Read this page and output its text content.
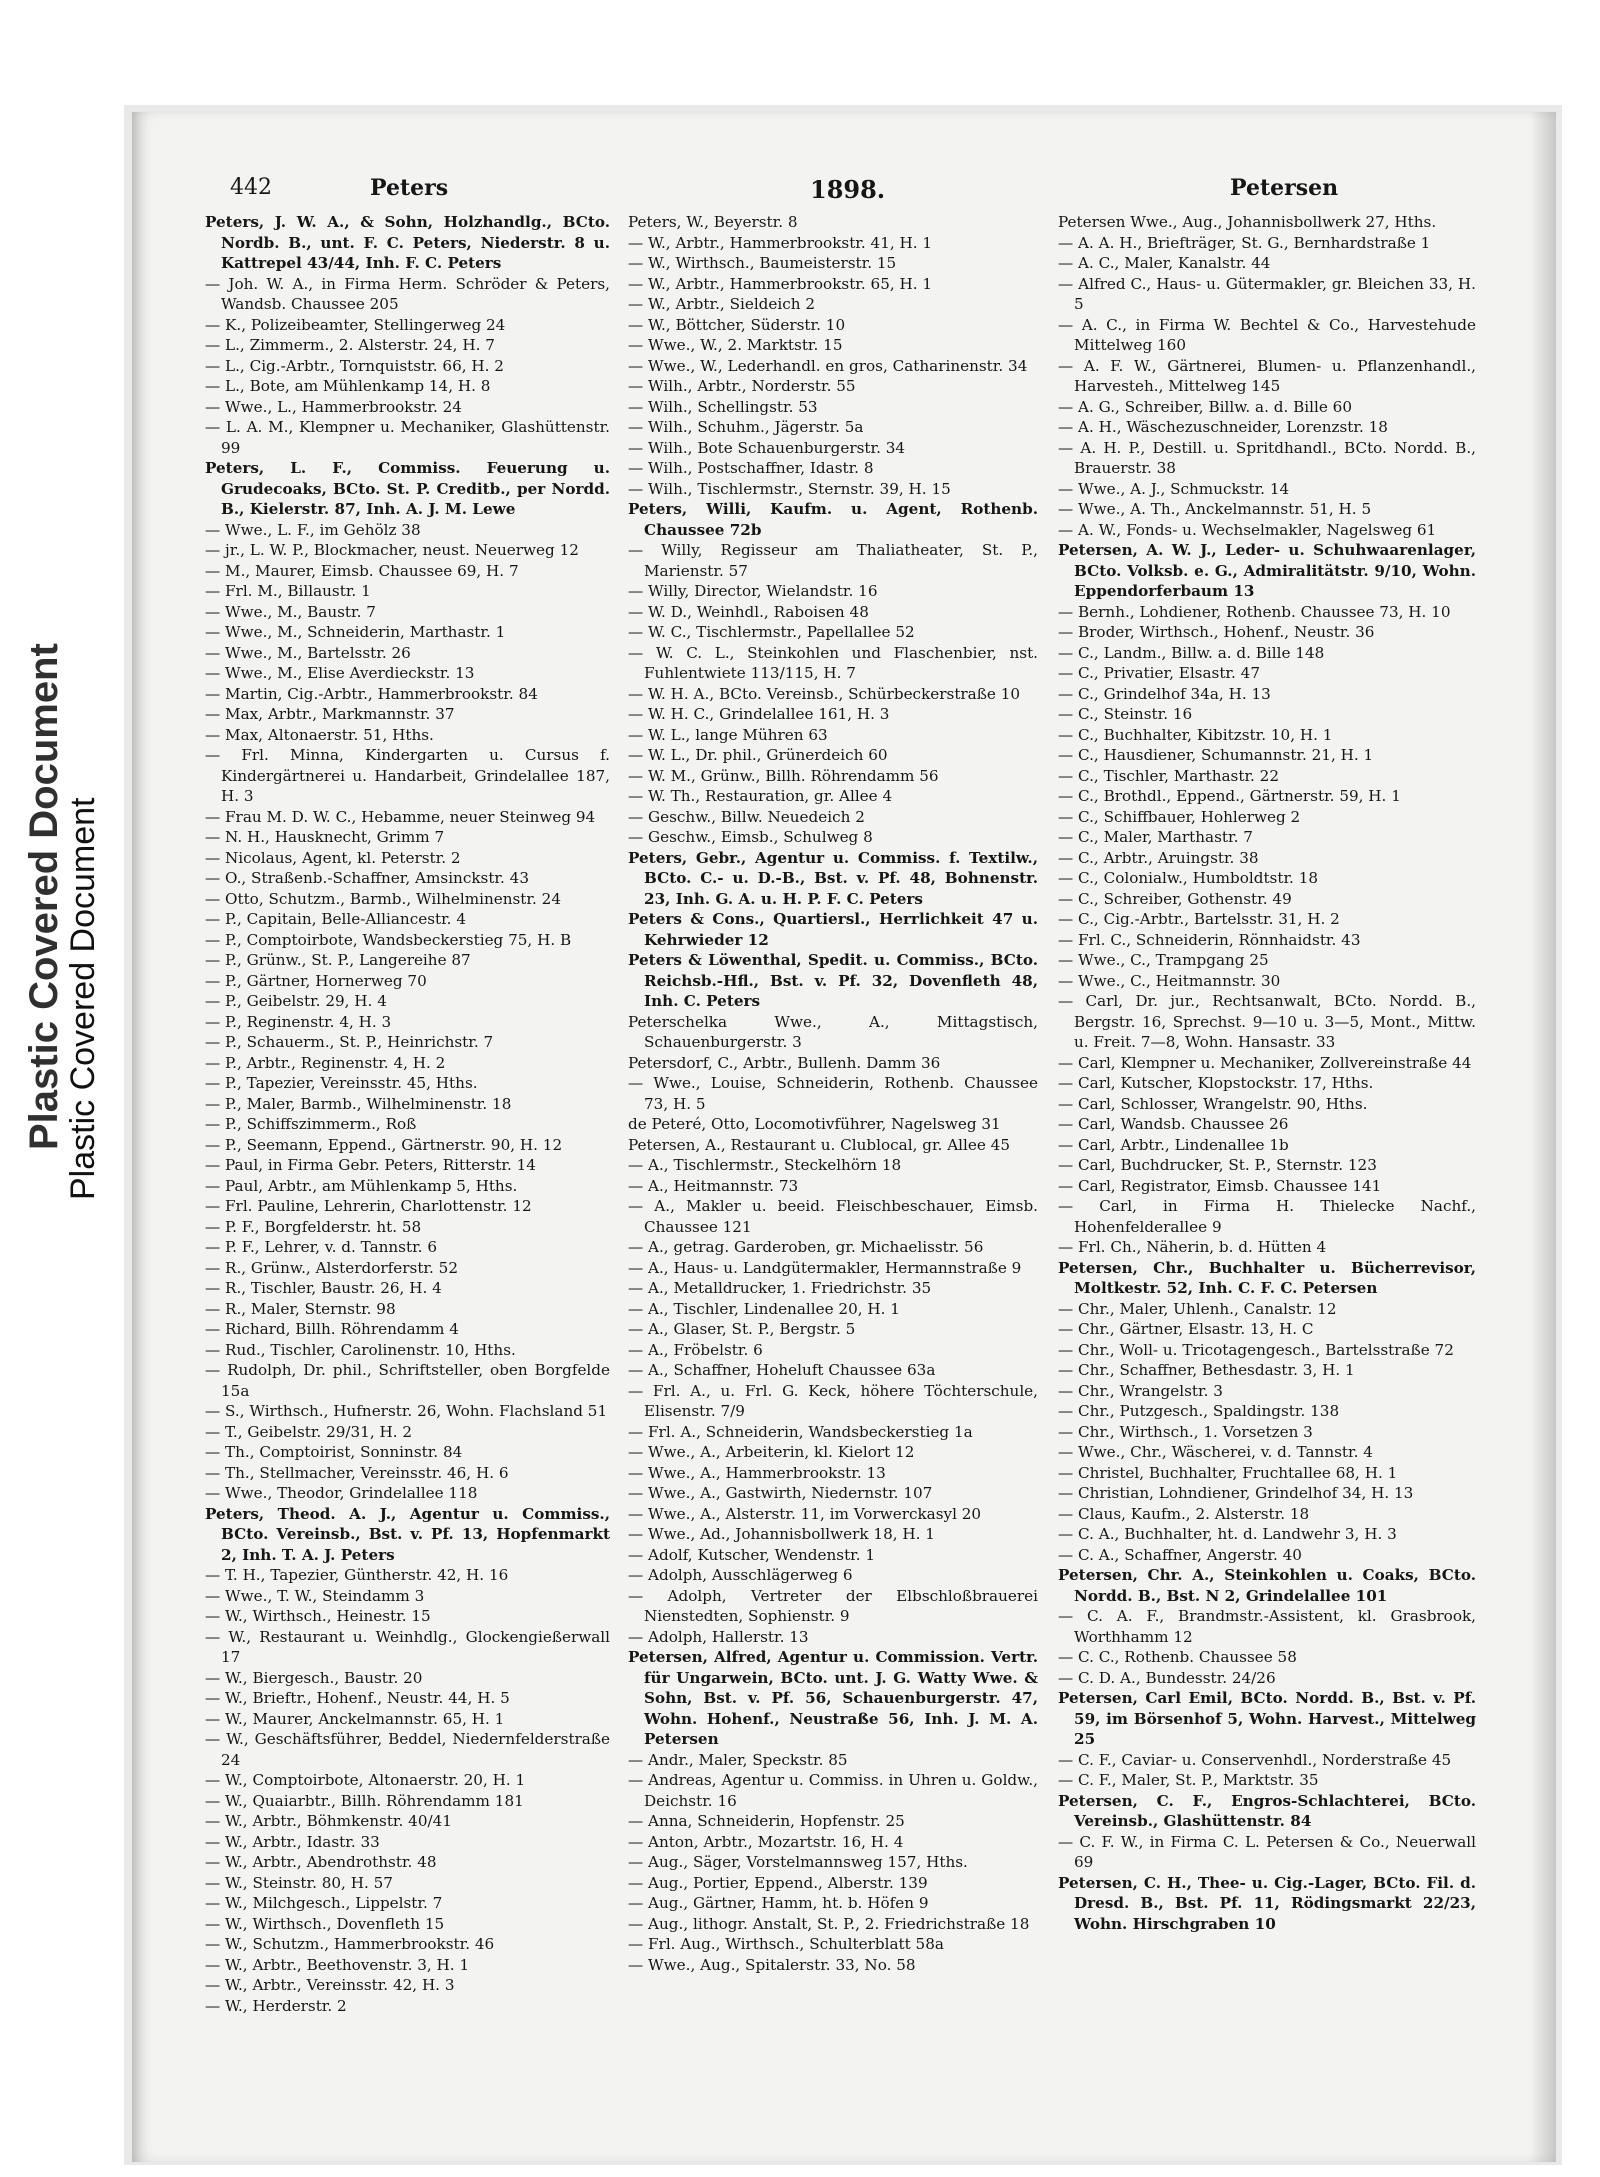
Plastic Covered Document
Plastic Covered Document
442	Peters	1898.	Petersen

Peters, J. W. A., & Sohn, Holzhandlg., BCto. Nordb. B., unt. F. C. Peters, Niederstr. 8 u. Kattrepel 43/44, Inh. F. C. Peters

— Joh. W. A., in Firma Herm. Schröder & Peters, Wandsb. Chaussee 205

— K., Polizeibeamter, Stellingerweg 24

— L., Zimmerm., 2. Alsterstr. 24, H. 7

— L., Cig.-Arbtr., Tornquiststr. 66, H. 2

— L., Bote, am Mühlenkamp 14, H. 8

— Wwe., L., Hammerbrookstr. 24

— L. A. M., Klempner u. Mechaniker, Glashüttenstr. 99

Peters, L. F., Commiss. Feuerung u. Grudecoaks, BCto. St. P. Creditb., per Nordd. B., Kielerstr. 87, Inh. A. J. M. Lewe

— Wwe., L. F., im Gehölz 38

— jr., L. W. P., Blockmacher, neust. Neuerweg 12

— M., Maurer, Eimsb. Chaussee 69, H. 7

— Frl. M., Billaustr. 1

— Wwe., M., Baustr. 7

— Wwe., M., Schneiderin, Marthastr. 1

— Wwe., M., Bartelsstr. 26

— Wwe., M., Elise Averdieckstr. 13

— Martin, Cig.-Arbtr., Hammerbrookstr. 84

— Max, Arbtr., Markmannstr. 37

— Max, Altonaerstr. 51, Hths.

— Frl. Minna, Kindergarten u. Cursus f. Kindergärtnerei u. Handarbeit, Grindelallee 187, H. 3

— Frau M. D. W. C., Hebamme, neuer Steinweg 94

— N. H., Hausknecht, Grimm 7

— Nicolaus, Agent, kl. Peterstr. 2

— O., Straßenb.-Schaffner, Amsinckstr. 43

— Otto, Schutzm., Barmb., Wilhelminenstr. 24

— P., Capitain, Belle-Alliancestr. 4

— P., Comptoirbote, Wandsbeckerstieg 75, H. B

— P., Grünw., St. P., Langereihe 87

— P., Gärtner, Hornerweg 70

— P., Geibelstr. 29, H. 4

— P., Reginenstr. 4, H. 3

— P., Schauerm., St. P., Heinrichstr. 7

— P., Arbtr., Reginenstr. 4, H. 2

— P., Tapezier, Vereinsstr. 45, Hths.

— P., Maler, Barmb., Wilhelminenstr. 18

— P., Schiffszimmerm., Roß

— P., Seemann, Eppend., Gärtnerstr. 90, H. 12

— Paul, in Firma Gebr. Peters, Ritterstr. 14

— Paul, Arbtr., am Mühlenkamp 5, Hths.

— Frl. Pauline, Lehrerin, Charlottenstr. 12

— P. F., Borgfelderstr. ht. 58

— P. F., Lehrer, v. d. Tannstr. 6

— R., Grünw., Alsterdorferstr. 52

— R., Tischler, Baustr. 26, H. 4

— R., Maler, Sternstr. 98

— Richard, Billh. Röhrendamm 4

— Rud., Tischler, Carolinenstr. 10, Hths.

— Rudolph, Dr. phil., Schriftsteller, oben Borgfelde 15a

— S., Wirthsch., Hufnerstr. 26, Wohn. Flachsland 51

— T., Geibelstr. 29/31, H. 2

— Th., Comptoirist, Sonninstr. 84

— Th., Stellmacher, Vereinsstr. 46, H. 6

— Wwe., Theodor, Grindelallee 118

Peters, Theod. A. J., Agentur u. Commiss., BCto. Vereinsb., Bst. v. Pf. 13, Hopfenmarkt 2, Inh. T. A. J. Peters

— T. H., Tapezier, Güntherstr. 42, H. 16

— Wwe., T. W., Steindamm 3

— W., Wirthsch., Heinestr. 15

— W., Restaurant u. Weinhdlg., Glockengießerwall 17

— W., Biergesch., Baustr. 20

— W., Brieftr., Hohenf., Neustr. 44, H. 5

— W., Maurer, Anckelmannstr. 65, H. 1

— W., Geschäftsführer, Beddel, Niedernfelderstraße 24

— W., Comptoirbote, Altonaerstr. 20, H. 1

— W., Quaiarbtr., Billh. Röhrendamm 181

— W., Arbtr., Böhmkenstr. 40/41

— W., Arbtr., Idastr. 33

— W., Arbtr., Abendrothstr. 48

— W., Steinstr. 80, H. 57

— W., Milchgesch., Lippelstr. 7

— W., Wirthsch., Dovenfleth 15

— W., Schutzm., Hammerbrookstr. 46

— W., Arbtr., Beethovenstr. 3, H. 1

— W., Arbtr., Vereinsstr. 42, H. 3

— W., Herderstr. 2

Peters, W., Beyerstr. 8

— W., Arbtr., Hammerbrookstr. 41, H. 1

— W., Wirthsch., Baumeisterstr. 15

— W., Arbtr., Hammerbrookstr. 65, H. 1

— W., Arbtr., Sieldeich 2

— W., Böttcher, Süderstr. 10

— Wwe., W., 2. Marktstr. 15

— Wwe., W., Lederhandl. en gros, Catharinenstr. 34

— Wilh., Arbtr., Norderstr. 55

— Wilh., Schellingstr. 53

— Wilh., Schuhm., Jägerstr. 5a

— Wilh., Bote Schauenburgerstr. 34

— Wilh., Postschaffner, Idastr. 8

— Wilh., Tischlermstr., Sternstr. 39, H. 15

Peters, Willi, Kaufm. u. Agent, Rothenb. Chaussee 72b

— Willy, Regisseur am Thaliatheater, St. P., Marienstr. 57

— Willy, Director, Wielandstr. 16

— W. D., Weinhdl., Raboisen 48

— W. C., Tischlermstr., Papellallee 52

— W. C. L., Steinkohlen und Flaschenbier, nst. Fuhlentwiete 113/115, H. 7

— W. H. A., BCto. Vereinsb., Schürbeckerstraße 10

— W. H. C., Grindelallee 161, H. 3

— W. L., lange Mühren 63

— W. L., Dr. phil., Grünerdeich 60

— W. M., Grünw., Billh. Röhrendamm 56

— W. Th., Restauration, gr. Allee 4

— Geschw., Billw. Neuedeich 2

— Geschw., Eimsb., Schulweg 8

Peters, Gebr., Agentur u. Commiss. f. Textilw., BCto. C.- u. D.-B., Bst. v. Pf. 48, Bohnenstr. 23, Inh. G. A. u. H. P. F. C. Peters

Peters & Cons., Quartiersl., Herrlichkeit 47 u. Kehrwieder 12

Peters & Löwenthal, Spedit. u. Commiss., BCto. Reichsb.-Hfl., Bst. v. Pf. 32, Dovenfleth 48, Inh. C. Peters

Peterschelka Wwe., A., Mittagstisch, Schauenburgerstr. 3

Petersdorf, C., Arbtr., Bullenh. Damm 36

— Wwe., Louise, Schneiderin, Rothenb. Chaussee 73, H. 5

de Peteré, Otto, Locomotivführer, Nagelsweg 31

Petersen, A., Restaurant u. Clublocal, gr. Allee 45

— A., Tischlermstr., Steckelhörn 18

— A., Heitmannstr. 73

— A., Makler u. beeid. Fleischbeschauer, Eimsb. Chaussee 121

— A., getrag. Garderoben, gr. Michaelisstr. 56

— A., Haus- u. Landgütermakler, Hermannstraße 9

— A., Metalldrucker, 1. Friedrichstr. 35

— A., Tischler, Lindenallee 20, H. 1

— A., Glaser, St. P., Bergstr. 5

— A., Fröbelstr. 6

— A., Schaffner, Hoheluft Chaussee 63a

— Frl. A., u. Frl. G. Keck, höhere Töchterschule, Elisenstr. 7/9

— Frl. A., Schneiderin, Wandsbeckerstieg 1a

— Wwe., A., Arbeiterin, kl. Kielort 12

— Wwe., A., Hammerbrookstr. 13

— Wwe., A., Gastwirth, Niedernstr. 107

— Wwe., A., Alsterstr. 11, im Vorwerckasyl 20

— Wwe., Ad., Johannisbollwerk 18, H. 1

— Adolf, Kutscher, Wendenstr. 1

— Adolph, Ausschlägerweg 6

— Adolph, Vertreter der Elbschloßbrauerei Nienstedten, Sophienstr. 9

— Adolph, Hallerstr. 13

Petersen, Alfred, Agentur u. Commission. Vertr. für Ungarwein, BCto. unt. J. G. Watty Wwe. & Sohn, Bst. v. Pf. 56, Schauenburgerstr. 47, Wohn. Hohenf., Neustraße 56, Inh. J. M. A. Petersen

— Andr., Maler, Speckstr. 85

— Andreas, Agentur u. Commiss. in Uhren u. Goldw., Deichstr. 16

— Anna, Schneiderin, Hopfenstr. 25

— Anton, Arbtr., Mozartstr. 16, H. 4

— Aug., Säger, Vorstelmannsweg 157, Hths.

— Aug., Portier, Eppend., Alberstr. 139

— Aug., Gärtner, Hamm, ht. b. Höfen 9

— Aug., lithogr. Anstalt, St. P., 2. Friedrichstraße 18

— Frl. Aug., Wirthsch., Schulterblatt 58a

— Wwe., Aug., Spitalerstr. 33, No. 58

Petersen Wwe., Aug., Johannisbollwerk 27, Hths.

— A. A. H., Briefträger, St. G., Bernhardstraße 1

— A. C., Maler, Kanalstr. 44

— Alfred C., Haus- u. Gütermakler, gr. Bleichen 33, H. 5

— A. C., in Firma W. Bechtel & Co., Harvestehude Mittelweg 160

— A. F. W., Gärtnerei, Blumen- u. Pflanzenhandl., Harvesteh., Mittelweg 145

— A. G., Schreiber, Billw. a. d. Bille 60

— A. H., Wäschezuschneider, Lorenzstr. 18

— A. H. P., Destill. u. Spritdhandl., BCto. Nordd. B., Brauerstr. 38

— Wwe., A. J., Schmuckstr. 14

— Wwe., A. Th., Anckelmannstr. 51, H. 5

— A. W., Fonds- u. Wechselmakler, Nagelsweg 61

Petersen, A. W. J., Leder- u. Schuhwaarenlager, BCto. Volksb. e. G., Admiralitätstr. 9/10, Wohn. Eppendorferbaum 13

— Bernh., Lohdiener, Rothenb. Chaussee 73, H. 10

— Broder, Wirthsch., Hohenf., Neustr. 36

— C., Landm., Billw. a. d. Bille 148

— C., Privatier, Elsastr. 47

— C., Grindelhof 34a, H. 13

— C., Steinstr. 16

— C., Buchhalter, Kibitzstr. 10, H. 1

— C., Hausdiener, Schumannstr. 21, H. 1

— C., Tischler, Marthastr. 22

— C., Brothdl., Eppend., Gärtnerstr. 59, H. 1

— C., Schiffbauer, Hohlerweg 2

— C., Maler, Marthastr. 7

— C., Arbtr., Aruingstr. 38

— C., Colonialw., Humboldtstr. 18

— C., Schreiber, Gothenstr. 49

— C., Cig.-Arbtr., Bartelsstr. 31, H. 2

— Frl. C., Schneiderin, Rönnhaidstr. 43

— Wwe., C., Trampgang 25

— Wwe., C., Heitmannstr. 30

— Carl, Dr. jur., Rechtsanwalt, BCto. Nordd. B., Bergstr. 16, Sprechst. 9—10 u. 3—5, Mont., Mittw. u. Freit. 7—8, Wohn. Hansastr. 33

— Carl, Klempner u. Mechaniker, Zollvereinstraße 44

— Carl, Kutscher, Klopstockstr. 17, Hths.

— Carl, Schlosser, Wrangelstr. 90, Hths.

— Carl, Wandsb. Chaussee 26

— Carl, Arbtr., Lindenallee 1b

— Carl, Buchdrucker, St. P., Sternstr. 123

— Carl, Registrator, Eimsb. Chaussee 141

— Carl, in Firma H. Thielecke Nachf., Hohenfelderallee 9

— Frl. Ch., Näherin, b. d. Hütten 4

Petersen, Chr., Buchhalter u. Bücherrevisor, Moltkestr. 52, Inh. C. F. C. Petersen

— Chr., Maler, Uhlenh., Canalstr. 12

— Chr., Gärtner, Elsastr. 13, H. C

— Chr., Woll- u. Tricotagengesch., Bartelsstraße 72

— Chr., Schaffner, Bethesdastr. 3, H. 1

— Chr., Wrangelstr. 3

— Chr., Putzgesch., Spaldingstr. 138

— Chr., Wirthsch., 1. Vorsetzen 3

— Wwe., Chr., Wäscherei, v. d. Tannstr. 4

— Christel, Buchhalter, Fruchtallee 68, H. 1

— Christian, Lohndiener, Grindelhof 34, H. 13

— Claus, Kaufm., 2. Alsterstr. 18

— C. A., Buchhalter, ht. d. Landwehr 3, H. 3

— C. A., Schaffner, Angerstr. 40

Petersen, Chr. A., Steinkohlen u. Coaks, BCto. Nordd. B., Bst. N 2, Grindelallee 101

— C. A. F., Brandmstr.-Assistent, kl. Grasbrook, Worthhamm 12

— C. C., Rothenb. Chaussee 58

— C. D. A., Bundesstr. 24/26

Petersen, Carl Emil, BCto. Nordd. B., Bst. v. Pf. 59, im Börsenhof 5, Wohn. Harvest., Mittelweg 25

— C. F., Caviar- u. Conservenhdl., Norderstraße 45

— C. F., Maler, St. P., Marktstr. 35

Petersen, C. F., Engros-Schlachterei, BCto. Vereinsb., Glashüttenstr. 84

— C. F. W., in Firma C. L. Petersen & Co., Neuerwall 69

Petersen, C. H., Thee- u. Cig.-Lager, BCto. Fil. d. Dresd. B., Bst. Pf. 11, Rödingsmarkt 22/23, Wohn. Hirschgraben 10
